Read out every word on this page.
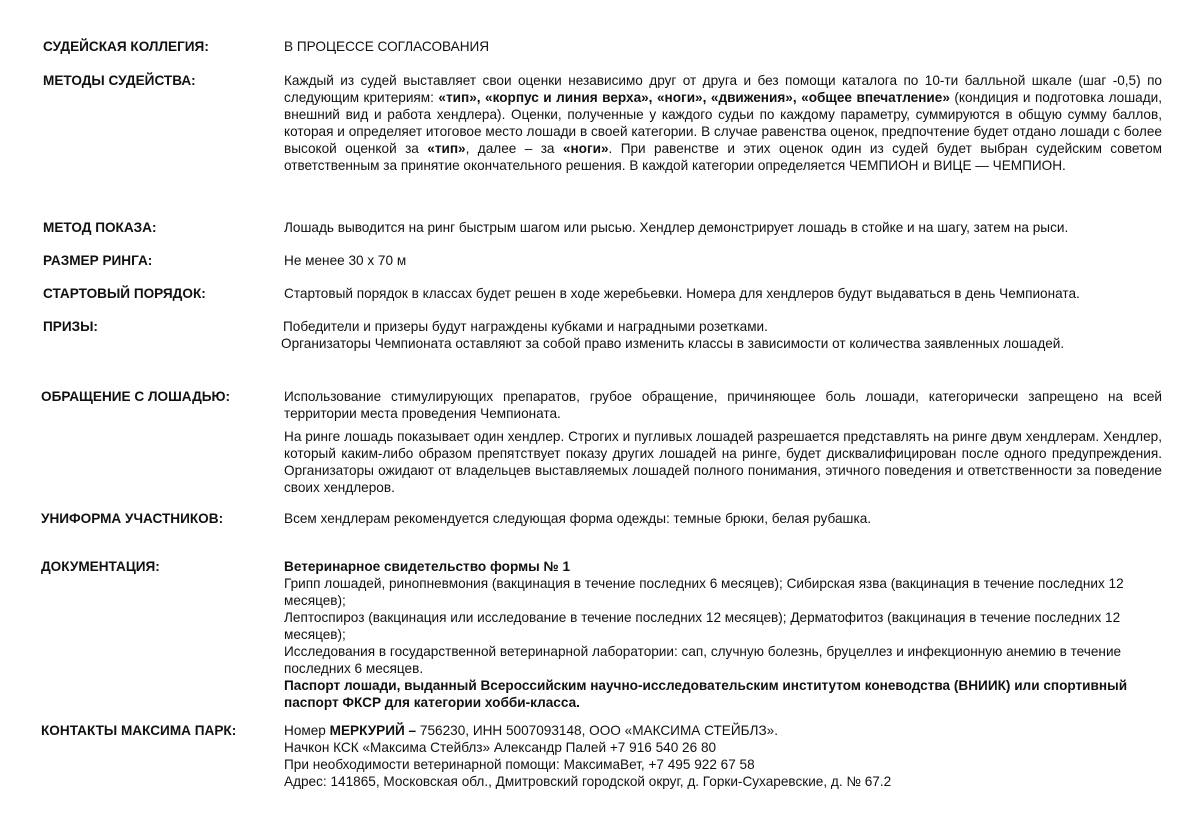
СУДЕЙСКАЯ КОЛЛЕГИЯ:	В ПРОЦЕССЕ СОГЛАСОВАНИЯ
МЕТОДЫ СУДЕЙСТВА:	Каждый из судей выставляет свои оценки независимо друг от друга и без помощи каталога по 10-ти балльной шкале (шаг -0,5) по следующим критериям: «тип», «корпус и линия верха», «ноги», «движения», «общее впечатление» (кондиция и подготовка лошади, внешний вид и работа хендлера). Оценки, полученные у каждого судьи по каждому параметру, суммируются в общую сумму баллов, которая и определяет итоговое место лошади в своей категории. В случае равенства оценок, предпочтение будет отдано лошади с более высокой оценкой за «тип», далее – за «ноги». При равенстве и этих оценок один из судей будет выбран судейским советом ответственным за принятие окончательного решения. В каждой категории определяется ЧЕМПИОН и ВИЦЕ — ЧЕМПИОН.
МЕТОД ПОКАЗА:	Лошадь выводится на ринг быстрым шагом или рысью. Хендлер демонстрирует лошадь в стойке и на шагу, затем на рыси.
РАЗМЕР РИНГА:	Не менее 30 х 70 м
СТАРТОВЫЙ ПОРЯДОК:	Стартовый порядок в классах будет решен в ходе жеребьевки. Номера для хендлеров будут выдаваться в день Чемпионата.
ПРИЗЫ:	Победители и призеры будут награждены кубками и наградными розетками.
Организаторы Чемпионата оставляют за собой право изменить классы в зависимости от количества заявленных лошадей.
ОБРАЩЕНИЕ С ЛОШАДЬЮ:	Использование стимулирующих препаратов, грубое обращение, причиняющее боль лошади, категорически запрещено на всей территории места проведения Чемпионата.

На ринге лошадь показывает один хендлер. Строгих и пугливых лошадей разрешается представлять на ринге двум хендлерам. Хендлер, который каким-либо образом препятствует показу других лошадей на ринге, будет дисквалифицирован после одного предупреждения. Организаторы ожидают от владельцев выставляемых лошадей полного понимания, этичного поведения и ответственности за поведение своих хендлеров.

УНИФОРМА УЧАСТНИКОВ:	Всем хендлерам рекомендуется следующая форма одежды: темные брюки, белая рубашка.
ДОКУМЕНТАЦИЯ:	Ветеринарное свидетельство формы № 1

Грипп лошадей, ринопневмония (вакцинация в течение последних 6 месяцев); Сибирская язва (вакцинация в течение последних 12 месяцев);

Лептоспироз (вакцинация или исследование в течение последних 12 месяцев); Дерматофитоз (вакцинация в течение последних 12 месяцев);

Исследования в государственной ветеринарной лаборатории: сап, случную болезнь, бруцеллез и инфекционную анемию в течение последних 6 месяцев.

Паспорт лошади, выданный Всероссийским научно-исследовательским институтом коневодства (ВНИИК) или спортивный паспорт ФКСР для категории хобби-класса.

КОНТАКТЫ МАКСИМА ПАРК:	Номер МЕРКУРИЙ – 756230, ИНН 5007093148, ООО «МАКСИМА СТЕЙБЛЗ».
Начкон КСК «Максима Стейблз» Александр Палей +7 916 540 26 80
При необходимости ветеринарной помощи: МаксимаВет, +7 495 922 67 58
Адрес: 141865, Московская обл., Дмитровский городской округ, д. Горки-Сухаревские, д. № 67.2
